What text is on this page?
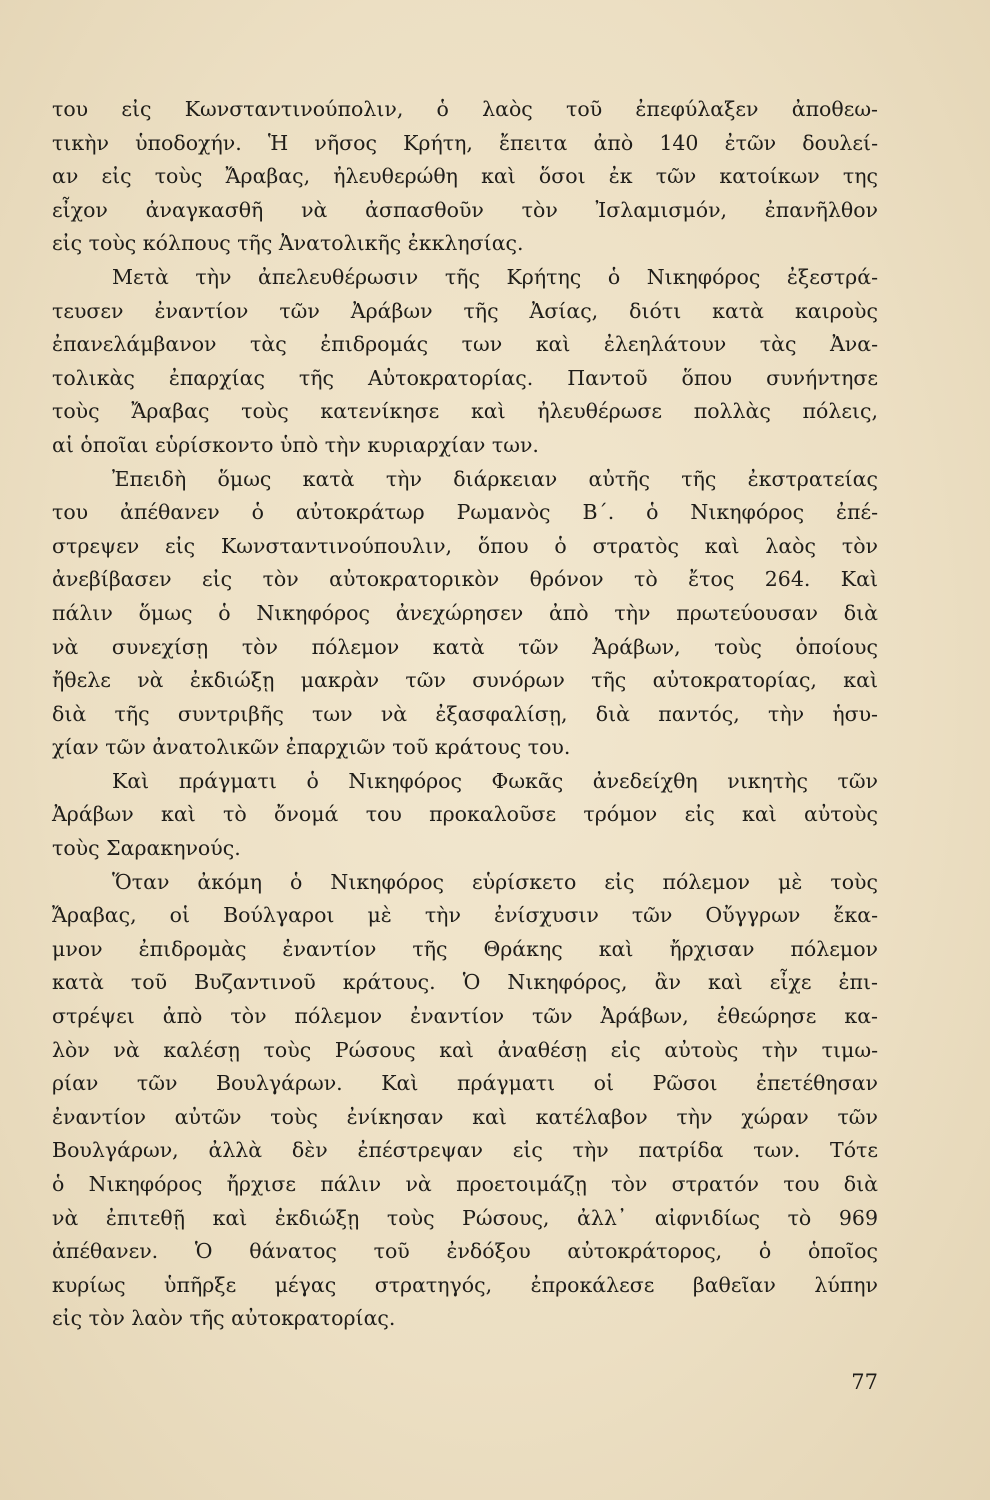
του εἰς Κωνσταντινούπολιν, ὁ λαὸς τοῦ ἐπεφύλαξεν ἀποθεω-
τικὴν ὑποδοχήν. Ἡ νῆσος Κρήτη, ἔπειτα ἀπὸ 140 ἐτῶν δουλεί-
αν εἰς τοὺς Ἄραβας, ἠλευθερώθη καὶ ὅσοι ἐκ τῶν κατοίκων της
εἶχον ἀναγκασθῆ νὰ ἀσπασθοῦν τὸν Ἰσλαμισμόν, ἐπανῆλθον
εἰς τοὺς κόλπους τῆς Ἀνατολικῆς ἐκκλησίας.
Μετὰ τὴν ἀπελευθέρωσιν τῆς Κρήτης ὁ Νικηφόρος ἐξεστρά-
τευσεν ἐναντίον τῶν Ἀράβων τῆς Ἀσίας, διότι κατὰ καιροὺς
ἐπανελάμβανον τὰς ἐπιδρομάς των καὶ ἐλεηλάτουν τὰς Ἀνα-
τολικὰς ἐπαρχίας τῆς Αὐτοκρατορίας. Παντοῦ ὅπου συνήντησε
τοὺς Ἄραβας τοὺς κατενίκησε καὶ ἠλευθέρωσε πολλὰς πόλεις,
αἱ ὁποῖαι εὑρίσκοντο ὑπὸ τὴν κυριαρχίαν των.
Ἐπειδὴ ὅμως κατὰ τὴν διάρκειαν αὐτῆς τῆς ἐκστρατείας
του ἀπέθανεν ὁ αὐτοκράτωρ Ρωμανὸς Β΄. ὁ Νικηφόρος ἐπέ-
στρεψεν εἰς Κωνσταντινούπουλιν, ὅπου ὁ στρατὸς καὶ λαὸς τὸν
ἀνεβίβασεν εἰς τὸν αὐτοκρατορικὸν θρόνον τὸ ἔτος 264. Καὶ
πάλιν ὅμως ὁ Νικηφόρος ἀνεχώρησεν ἀπὸ τὴν πρωτεύουσαν διὰ
νὰ συνεχίσῃ τὸν πόλεμον κατὰ τῶν Ἀράβων, τοὺς ὁποίους
ἤθελε νὰ ἐκδιώξῃ μακρὰν τῶν συνόρων τῆς αὐτοκρατορίας, καὶ
διὰ τῆς συντριβῆς των νὰ ἐξασφαλίσῃ, διὰ παντός, τὴν ἡσυ-
χίαν τῶν ἀνατολικῶν ἐπαρχιῶν τοῦ κράτους του.
Καὶ πράγματι ὁ Νικηφόρος Φωκᾶς ἀνεδείχθη νικητὴς τῶν
Ἀράβων καὶ τὸ ὄνομά του προκαλοῦσε τρόμον εἰς καὶ αὐτοὺς
τοὺς Σαρακηνούς.
Ὅταν ἀκόμη ὁ Νικηφόρος εὑρίσκετο εἰς πόλεμον μὲ τοὺς
Ἄραβας, οἱ Βούλγαροι μὲ τὴν ἐνίσχυσιν τῶν Οὔγγρων ἔκα-
μνον ἐπιδρομὰς ἐναντίον τῆς Θράκης καὶ ἤρχισαν πόλεμον
κατὰ τοῦ Βυζαντινοῦ κράτους. Ὁ Νικηφόρος, ἂν καὶ εἶχε ἐπι-
στρέψει ἀπὸ τὸν πόλεμον ἐναντίον τῶν Ἀράβων, ἐθεώρησε κα-
λὸν νὰ καλέσῃ τοὺς Ρώσους καὶ ἀναθέσῃ εἰς αὐτοὺς τὴν τιμω-
ρίαν τῶν Βουλγάρων. Καὶ πράγματι οἱ Ρῶσοι ἐπετέθησαν
ἐναντίον αὐτῶν τοὺς ἐνίκησαν καὶ κατέλαβον τὴν χώραν τῶν
Βουλγάρων, ἀλλὰ δὲν ἐπέστρεψαν εἰς τὴν πατρίδα των. Τότε
ὁ Νικηφόρος ἤρχισε πάλιν νὰ προετοιμάζῃ τὸν στρατόν του διὰ
νὰ ἐπιτεθῇ καὶ ἐκδιώξῃ τοὺς Ρώσους, ἀλλ᾽ αἰφνιδίως τὸ 969
ἀπέθανεν. Ὁ θάνατος τοῦ ἐνδόξου αὐτοκράτορος, ὁ ὁποῖος
κυρίως ὑπῆρξε μέγας στρατηγός, ἐπροκάλεσε βαθεῖαν λύπην
εἰς τὸν λαὸν τῆς αὐτοκρατορίας.
77
